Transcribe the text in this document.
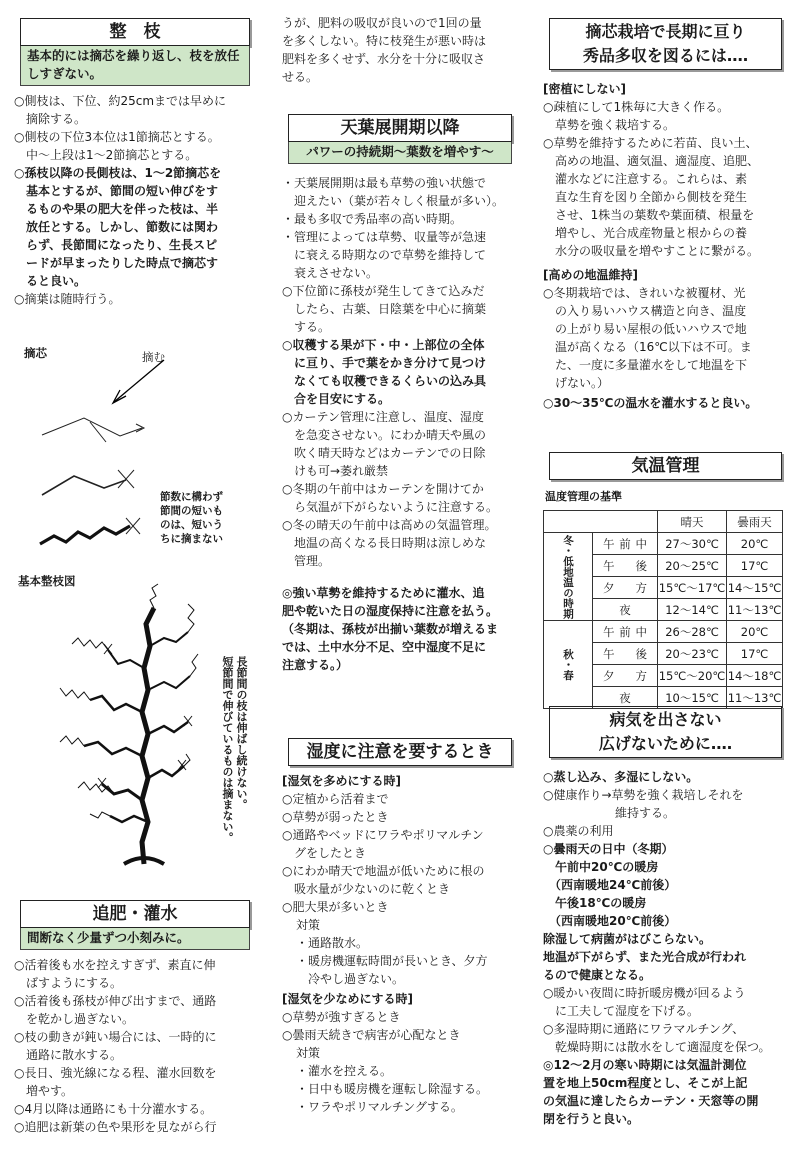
整　枝
基本的には摘芯を繰り返し、枝を放任しすぎない。

○側枝は、下位、約25cmまでは早めに
　摘除する。

○側枝の下位3本位は1節摘芯とする。
　中～上段は1～2節摘芯とする。

○孫枝以降の長側枝は、1～2節摘芯を
　基本とするが、節間の短い伸びをす
　るものや果の肥大を伴った枝は、半
　放任とする。しかし、節数には関わ
　らず、長節間になったり、生長スピ
　ードが早まったりした時点で摘芯す
　ると良い。

○摘葉は随時行う。

摘芯	摘む
節数に構わず
節間の短いも
のは、短いう
ちに摘まない
基本整枝図
長節間の枝は伸ばし続けない。
短節間で伸びているものは摘まない。
追肥・灌水
間断なく少量ずつ小刻みに。

○活着後も水を控えすぎず、素直に伸
　ばすようにする。

○活着後も孫枝が伸び出すまで、通路
　を乾かし過ぎない。

○枝の動きが鈍い場合には、一時的に
　通路に散水する。

○長日、強光線になる程、灌水回数を
　増やす。

○4月以降は通路にも十分灌水する。

○追肥は新葉の色や果形を見ながら行

うが、肥料の吸収が良いので1回の量
を多くしない。特に枝発生が悪い時は
肥料を多くせず、水分を十分に吸収さ
せる。

天葉展開期以降
パワーの持続期～葉数を増やす～

・天葉展開期は最も草勢の強い状態で
　迎えたい（葉が若々しく根量が多い）。

・最も多収で秀品率の高い時期。

・管理によっては草勢、収量等が急速
　に衰える時期なので草勢を維持して
　衰えさせない。

○下位節に孫枝が発生してきて込みだ
　したら、古葉、日陰葉を中心に摘葉
　する。

○収穫する果が下・中・上部位の全体
　に亘り、手で葉をかき分けて見つけ
　なくても収穫できるくらいの込み具
　合を目安にする。

○カーテン管理に注意し、温度、湿度
　を急変させない。にわか晴天や風の
　吹く晴天時などはカーテンでの日除
　けも可→萎れ厳禁

○冬期の午前中はカーテンを開けてか
　ら気温が下がらないように注意する。

○冬の晴天の午前中は高めの気温管理。
　地温の高くなる長日時期は涼しめな
　管理。

◎強い草勢を維持するために灌水、追
肥や乾いた日の湿度保持に注意を払う。
（冬期は、孫枝が出揃い葉数が増えるま
では、土中水分不足、空中湿度不足に
注意する。）

湿度に注意を要するとき

[湿気を多めにする時]

○定植から活着まで

○草勢が弱ったとき

○通路やベッドにワラやポリマルチン
　グをしたとき

○にわか晴天で地温が低いために根の
　吸水量が少ないのに乾くとき

○肥大果が多いとき

対策

・通路散水。

・暖房機運転時間が長いとき、夕方
　冷やし過ぎない。

[湿気を少なめにする時]

○草勢が強すぎるとき

○曇雨天続きで病害が心配なとき

対策

・灌水を控える。

・日中も暖房機を運転し除湿する。

・ワラやポリマルチングする。

摘芯栽培で長期に亘り
秀品多収を図るには‥‥

[密植にしない]

○疎植にして1株毎に大きく作る。
　草勢を強く栽培する。

○草勢を維持するために若苗、良い土、
　高めの地温、適気温、適湿度、追肥、
　灌水などに注意する。これらは、素
　直な生育を図り全節から側枝を発生
　させ、1株当の葉数や葉面積、根量を
　増やし、光合成産物量と根からの養
　水分の吸収量を増やすことに繋がる。

[高めの地温維持]

○冬期栽培では、きれいな被覆材、光
　の入り易いハウス構造と向き、温度
　の上がり易い屋根の低いハウスで地
　温が高くなる（16℃以下は不可。ま
　た、一度に多量灌水をして地温を下
　げない。）

○30～35℃の温水を灌水すると良い。

気温管理

温度管理の基準

		晴天	曇雨天
冬・低地温の時期	午前中	27～30℃	20℃
	午　後	20～25℃	17℃
	夕　方	15℃～17℃	14～15℃
	夜	12～14℃	11～13℃
秋・春	午前中	26～28℃	20℃
	午　後	20～23℃	17℃
	夕　方	15℃～20℃	14～18℃
	夜	10～15℃	11～13℃
病気を出さない
広げないために‥‥

○蒸し込み、多湿にしない。

○健康作り→草勢を強く栽培しそれを
　　　　　　維持する。

○農薬の利用

○曇雨天の日中（冬期）
　午前中20℃の暖房
　（西南暖地24℃前後）
　午後18℃の暖房
　（西南暖地20℃前後）
除湿して病菌がはびこらない。
地温が下がらず、また光合成が行われ
るので健康となる。

○暖かい夜間に時折暖房機が回るよう
　に工夫して湿度を下げる。

○多湿時期に通路にワラマルチング、
　乾燥時期には散水をして適湿度を保つ。

◎12～2月の寒い時期には気温計測位
置を地上50cm程度とし、そこが上記
の気温に達したらカーテン・天窓等の開
閉を行うと良い。
